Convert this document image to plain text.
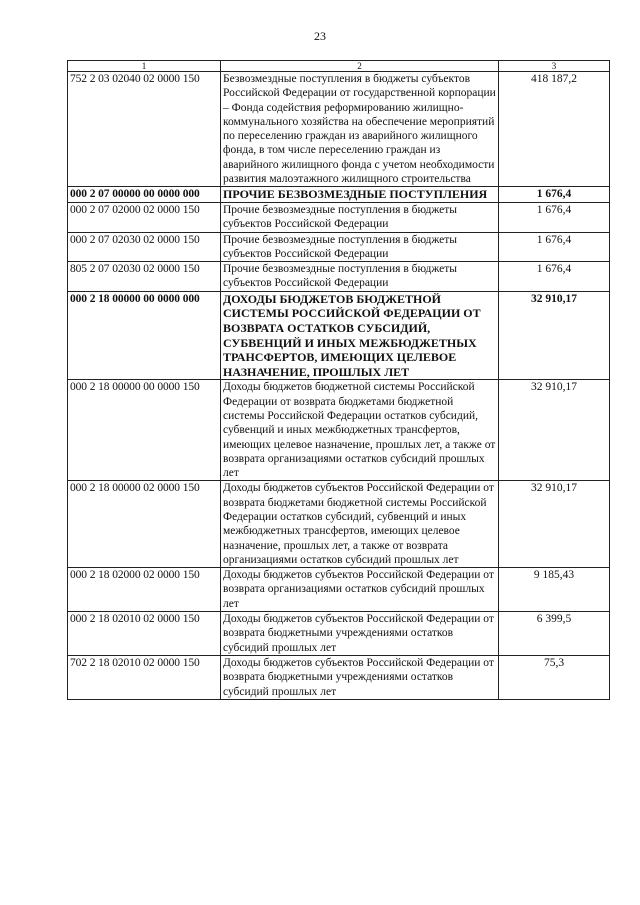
23
1	2	3
752 2 03 02040 02 0000 150	Безвозмездные поступления в бюджеты субъектов Российской Федерации от государственной корпорации – Фонда содействия реформированию жилищно-коммунального хозяйства на обеспечение мероприятий по переселению граждан из аварийного жилищного фонда, в том числе переселению граждан из аварийного жилищного фонда с учетом необходимости развития малоэтажного жилищного строительства	418 187,2
000 2 07 00000 00 0000 000	ПРОЧИЕ БЕЗВОЗМЕЗДНЫЕ ПОСТУПЛЕНИЯ	1 676,4
000 2 07 02000 02 0000 150	Прочие безвозмездные поступления в бюджеты субъектов Российской Федерации	1 676,4
000 2 07 02030 02 0000 150	Прочие безвозмездные поступления в бюджеты субъектов Российской Федерации	1 676,4
805 2 07 02030 02 0000 150	Прочие безвозмездные поступления в бюджеты субъектов Российской Федерации	1 676,4
000 2 18 00000 00 0000 000	ДОХОДЫ БЮДЖЕТОВ БЮДЖЕТНОЙ СИСТЕМЫ РОССИЙСКОЙ ФЕДЕРАЦИИ ОТ ВОЗВРАТА ОСТАТКОВ СУБСИДИЙ, СУБВЕНЦИЙ И ИНЫХ МЕЖБЮДЖЕТНЫХ ТРАНСФЕРТОВ, ИМЕЮЩИХ ЦЕЛЕВОЕ НАЗНАЧЕНИЕ, ПРОШЛЫХ ЛЕТ	32 910,17
000 2 18 00000 00 0000 150	Доходы бюджетов бюджетной системы Российской Федерации от возврата бюджетами бюджетной системы Российской Федерации остатков субсидий, субвенций и иных межбюджетных трансфертов, имеющих целевое назначение, прошлых лет, а также от возврата организациями остатков субсидий прошлых лет	32 910,17
000 2 18 00000 02 0000 150	Доходы бюджетов субъектов Российской Федерации от возврата бюджетами бюджетной системы Российской Федерации остатков субсидий, субвенций и иных межбюджетных трансфертов, имеющих целевое назначение, прошлых лет, а также от возврата организациями остатков субсидий прошлых лет	32 910,17
000 2 18 02000 02 0000 150	Доходы бюджетов субъектов Российской Федерации от возврата организациями остатков субсидий прошлых лет	9 185,43
000 2 18 02010 02 0000 150	Доходы бюджетов субъектов Российской Федерации от возврата бюджетными учреждениями остатков субсидий прошлых лет	6 399,5
702 2 18 02010 02 0000 150	Доходы бюджетов субъектов Российской Федерации от возврата бюджетными учреждениями остатков субсидий прошлых лет	75,3
